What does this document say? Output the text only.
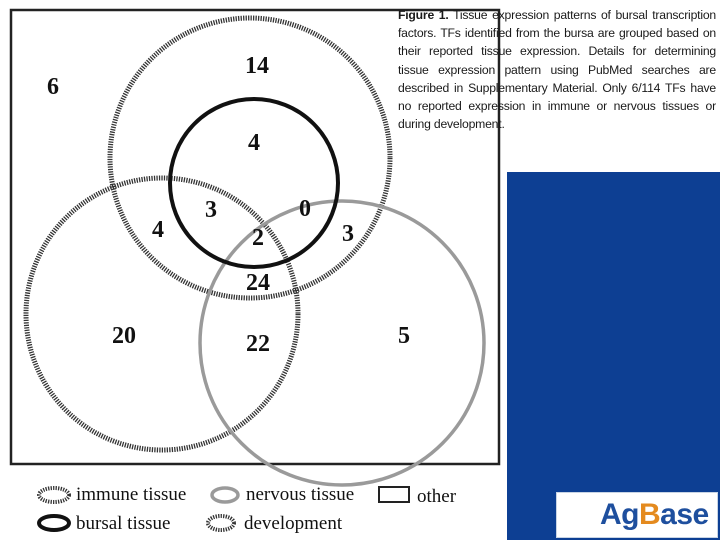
Figure 1. Tissue expression patterns of bursal transcription factors. TFs identified from the bursa are grouped based on their reported tissue expression. Details for determining tissue expression pattern using PubMed searches are described in Supplementary Material. Only 6/114 TFs have no reported expression in immune or nervous tissues or during development.
6
14
4
3	0
2
4	3
24
20	22	5
immune tissue	nervous tissue	other
bursal tissue	development	AgBase
